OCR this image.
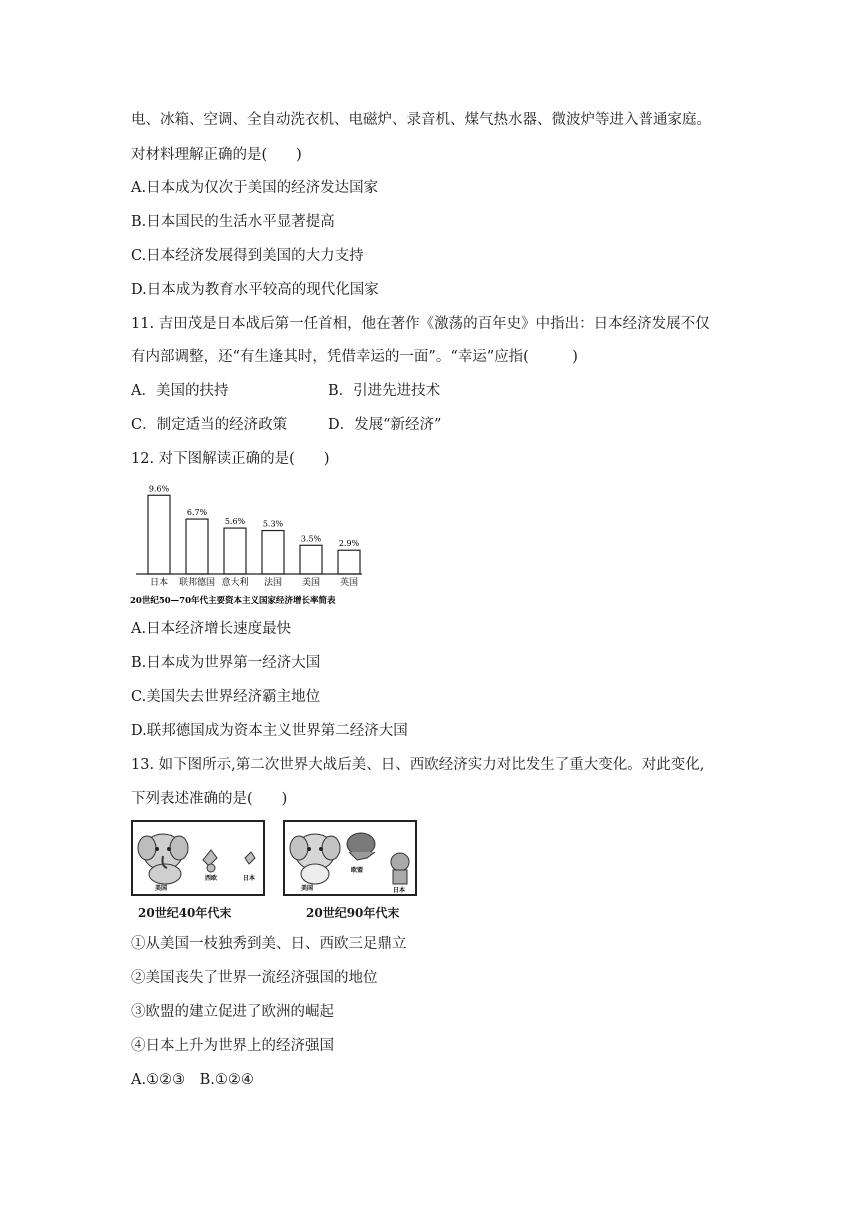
电、冰箱、空调、全自动洗衣机、电磁炉、录音机、煤气热水器、微波炉等进入普通家庭。
对材料理解正确的是(　　)
A.日本成为仅次于美国的经济发达国家
B.日本国民的生活水平显著提高
C.日本经济发展得到美国的大力支持
D.日本成为教育水平较高的现代化国家
11. 吉田茂是日本战后第一任首相，他在著作《激荡的百年史》中指出：日本经济发展不仅
有内部调整，还“有生逢其时，凭借幸运的一面”。“幸运”应指(　　　)
A．美国的扶持	B．引进先进技术
C．制定适当的经济政策	D．发展“新经济”
12. 对下图解读正确的是(　　)
9.6%
日本
6.7%
联邦德国
5.6%
意大利
5.3%
法国
3.5%
美国
2.9%
英国
20世纪50—70年代主要资本主义国家经济增长率简表
A.日本经济增长速度最快
B.日本成为世界第一经济大国
C.美国失去世界经济霸主地位
D.联邦德国成为资本主义世界第二经济大国
13. 如下图所示,第二次世界大战后美、日、西欧经济实力对比发生了重大变化。对此变化,
下列表述准确的是(　　)
美国
西欧	日本
美国
欧盟
日本
20世纪40年代末	20世纪90年代末
①从美国一枝独秀到美、日、西欧三足鼎立
②美国丧失了世界一流经济强国的地位
③欧盟的建立促进了欧洲的崛起
④日本上升为世界上的经济强国
A.①②③　B.①②④
